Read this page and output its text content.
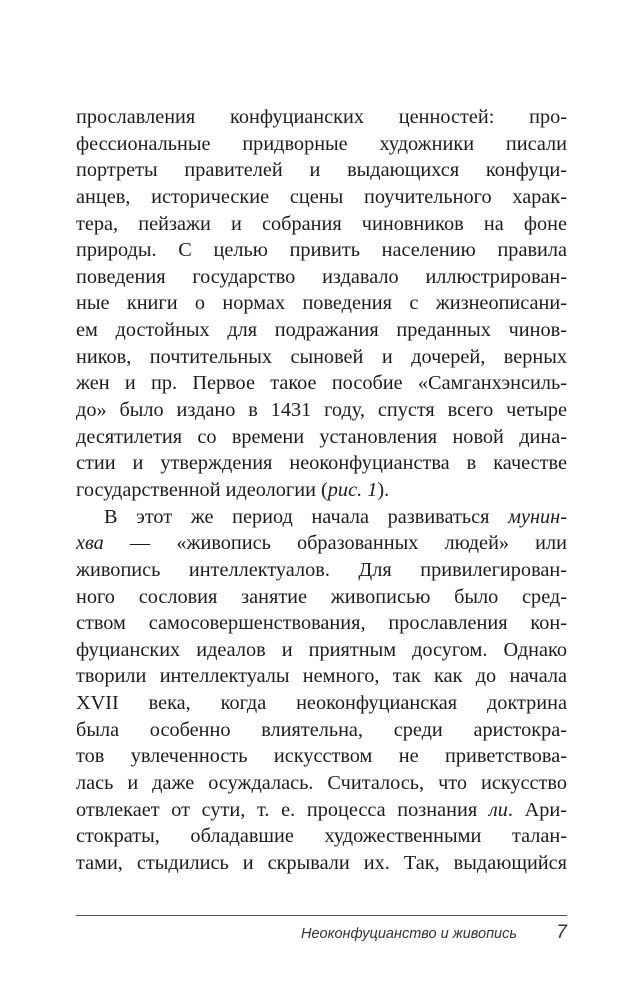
прославления конфуцианских ценностей: про-
фессиональные придворные художники писали
портреты правителей и выдающихся конфуци-
анцев, исторические сцены поучительного харак-
тера, пейзажи и собрания чиновников на фоне
природы. С целью привить населению правила
поведения государство издавало иллюстрирован-
ные книги о нормах поведения с жизнеописани-
ем достойных для подражания преданных чинов-
ников, почтительных сыновей и дочерей, верных
жен и пр. Первое такое пособие «Самганхэнсиль-
до» было издано в 1431 году, спустя всего четыре
десятилетия со времени установления новой дина-
стии и утверждения неоконфуцианства в качестве
государственной идеологии (рис. 1).
В этот же период начала развиваться мунин-
хва — «живопись образованных людей» или
живопись интеллектуалов. Для привилегирован-
ного сословия занятие живописью было сред-
ством самосовершенствования, прославления кон-
фуцианских идеалов и приятным досугом. Однако
творили интеллектуалы немного, так как до начала
XVII века, когда неоконфуцианская доктрина
была особенно влиятельна, среди аристокра-
тов увлеченность искусством не приветствова-
лась и даже осуждалась. Считалось, что искусство
отвлекает от сути, т. е. процесса познания ли. Ари-
стократы, обладавшие художественными талан-
тами, стыдились и скрывали их. Так, выдающийся
Неоконфуцианство и живопись 7
